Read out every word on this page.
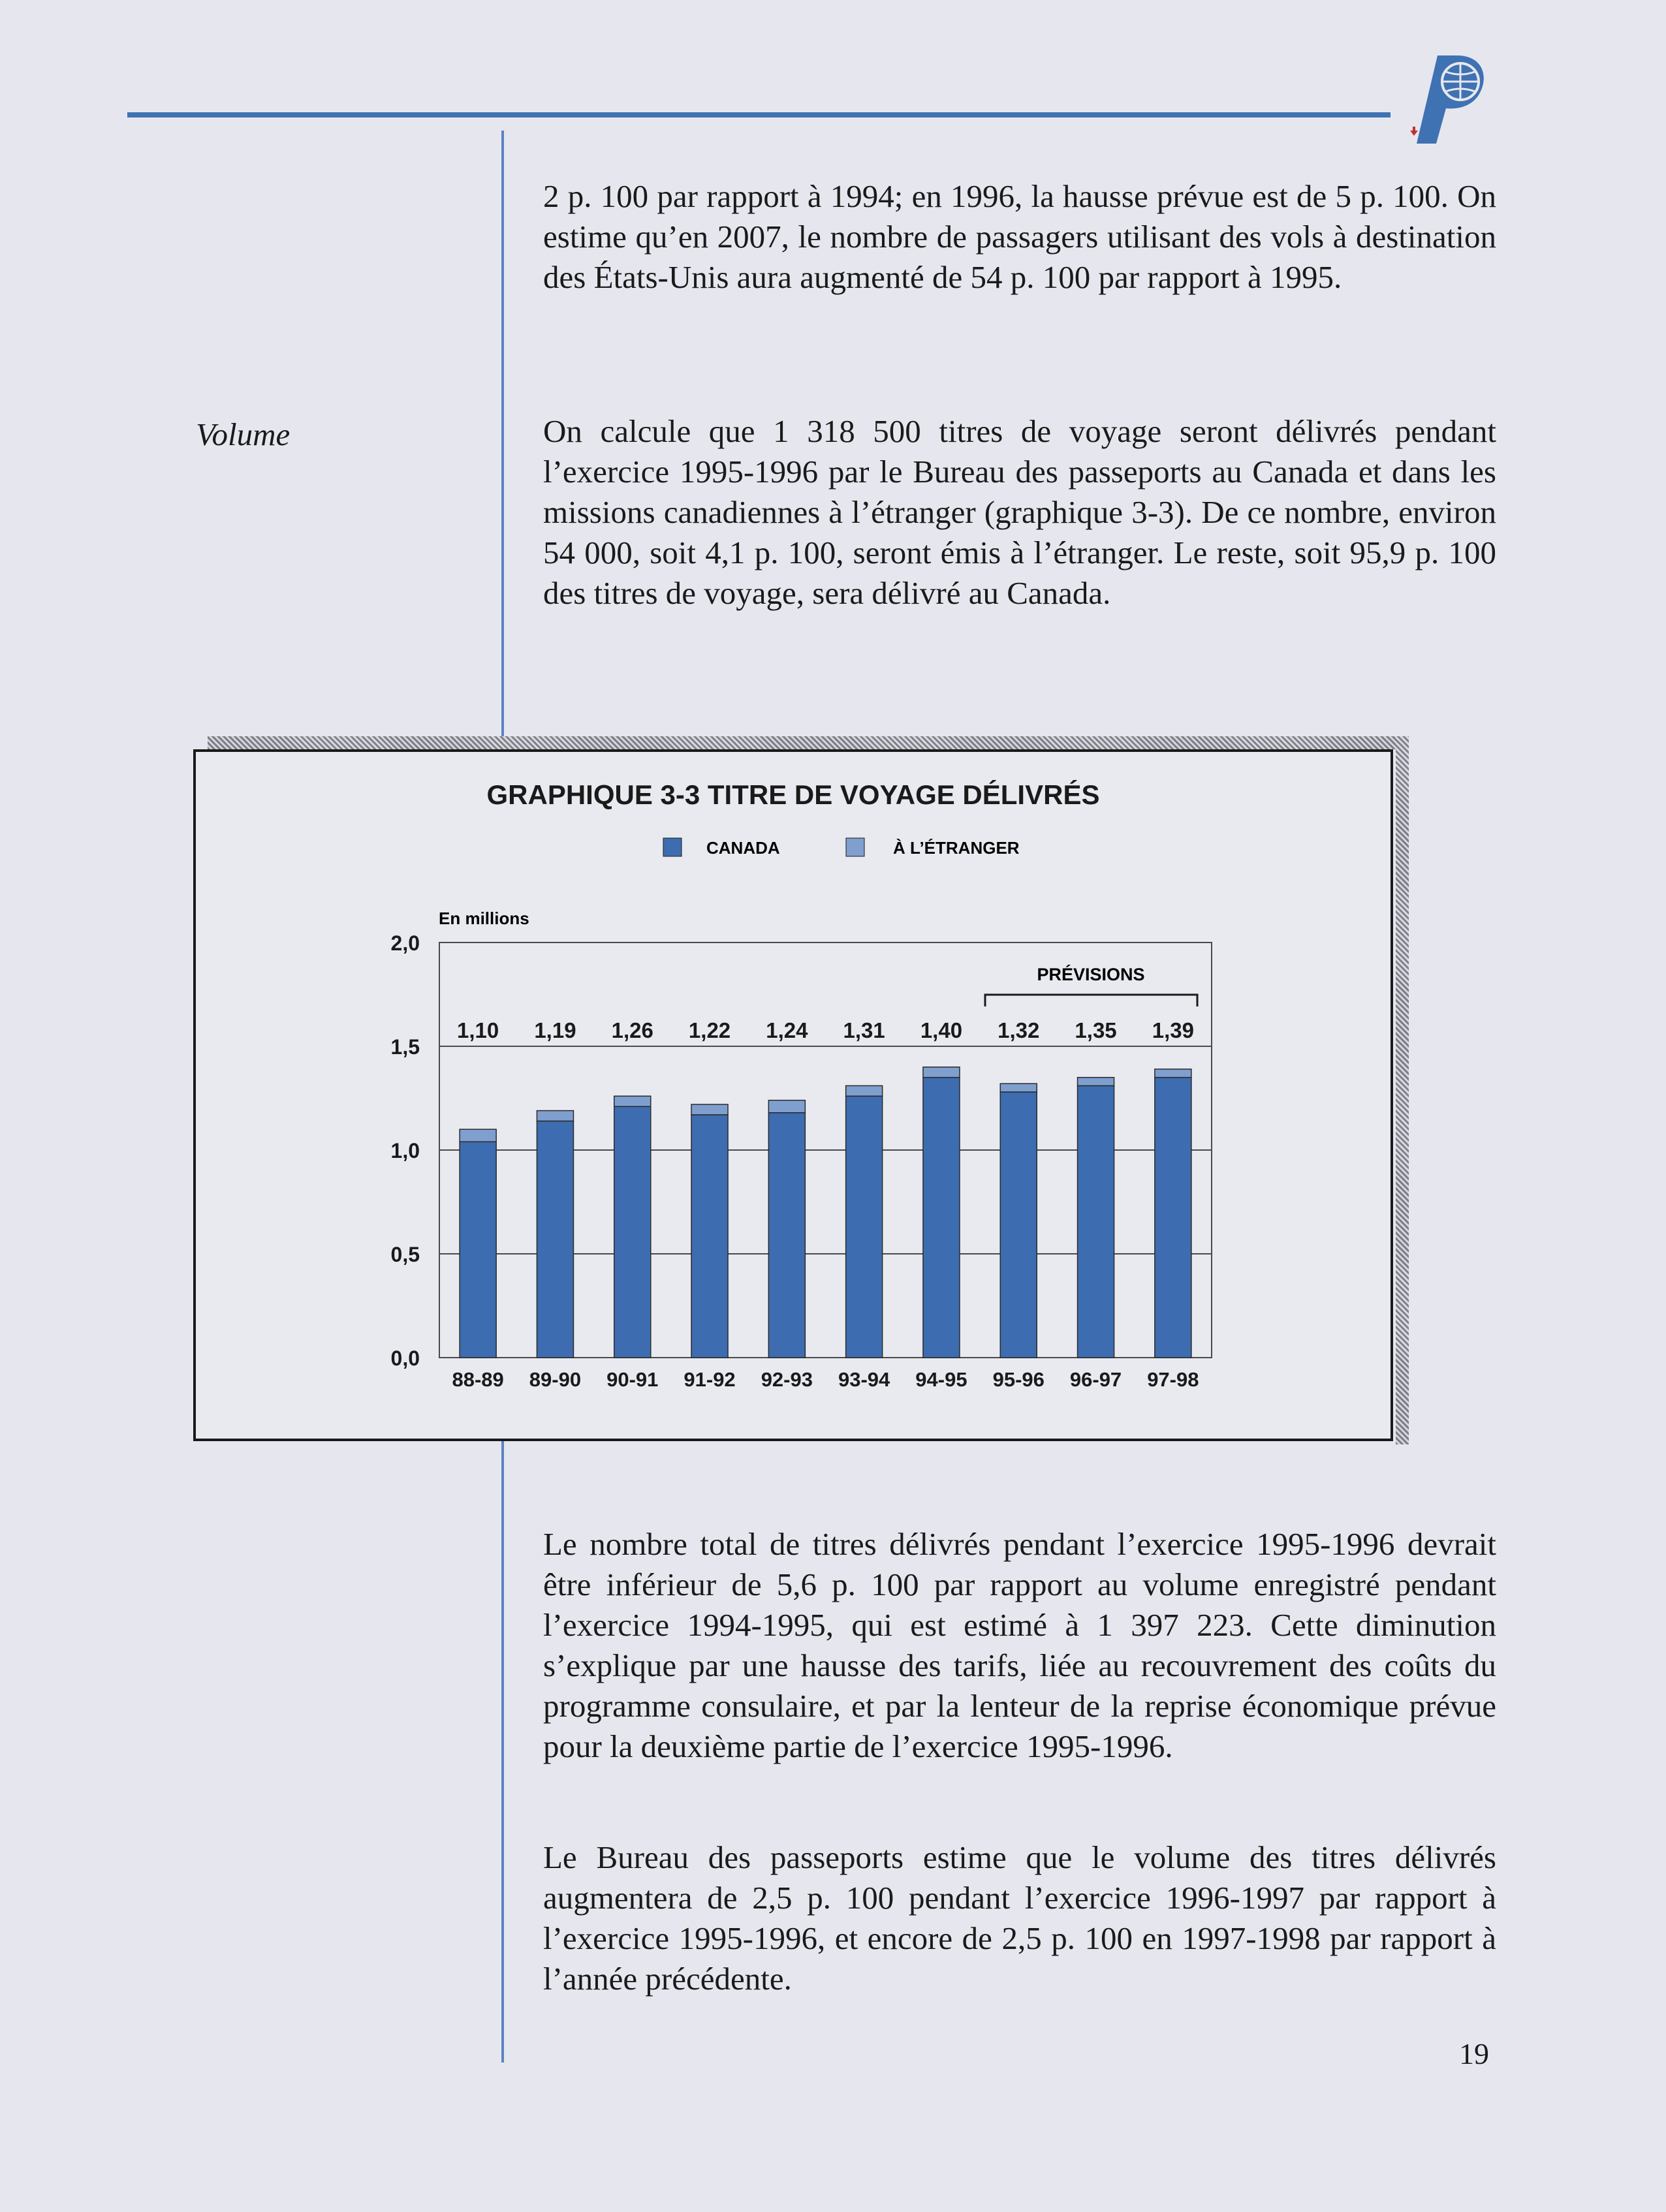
2 p. 100 par rapport à 1994; en 1996, la hausse prévue est de 5 p. 100. On estime qu’en 2007, le nombre de passagers utilisant des vols à destination des États-Unis aura augmenté de 54 p. 100 par rapport à 1995.
Volume	On calcule que 1 318 500 titres de voyage seront délivrés pendant l’exercice 1995-1996 par le Bureau des passeports au Canada et dans les missions canadiennes à l’étranger (graphique 3-3). De ce nombre, environ 54 000, soit 4,1 p. 100, seront émis à l’étranger. Le reste, soit 95,9 p. 100 des titres de voyage, sera délivré au Canada.
GRAPHIQUE 3-3 TITRE DE VOYAGE DÉLIVRÉS
CANADA	À L’ÉTRANGER
En millions
0,0
0,5
1,0
1,5
2,0
1,10 1,19 1,26 1,22 1,24 1,31 1,40 1,32 1,35 1,39
88-89 89-90 90-91 91-92 92-93 93-94 94-95 95-96 96-97 97-98
PRÉVISIONS
Le nombre total de titres délivrés pendant l’exercice 1995-1996 devrait être inférieur de 5,6 p. 100 par rapport au volume enregistré pendant l’exercice 1994-1995, qui est estimé à 1 397 223. Cette diminution s’explique par une hausse des tarifs, liée au recouvrement des coûts du programme consulaire, et par la lenteur de la reprise économique prévue pour la deuxième partie de l’exercice 1995-1996.
Le Bureau des passeports estime que le volume des titres délivrés augmentera de 2,5 p. 100 pendant l’exercice 1996-1997 par rapport à l’exercice 1995-1996, et encore de 2,5 p. 100 en 1997-1998 par rapport à l’année précédente.
19
